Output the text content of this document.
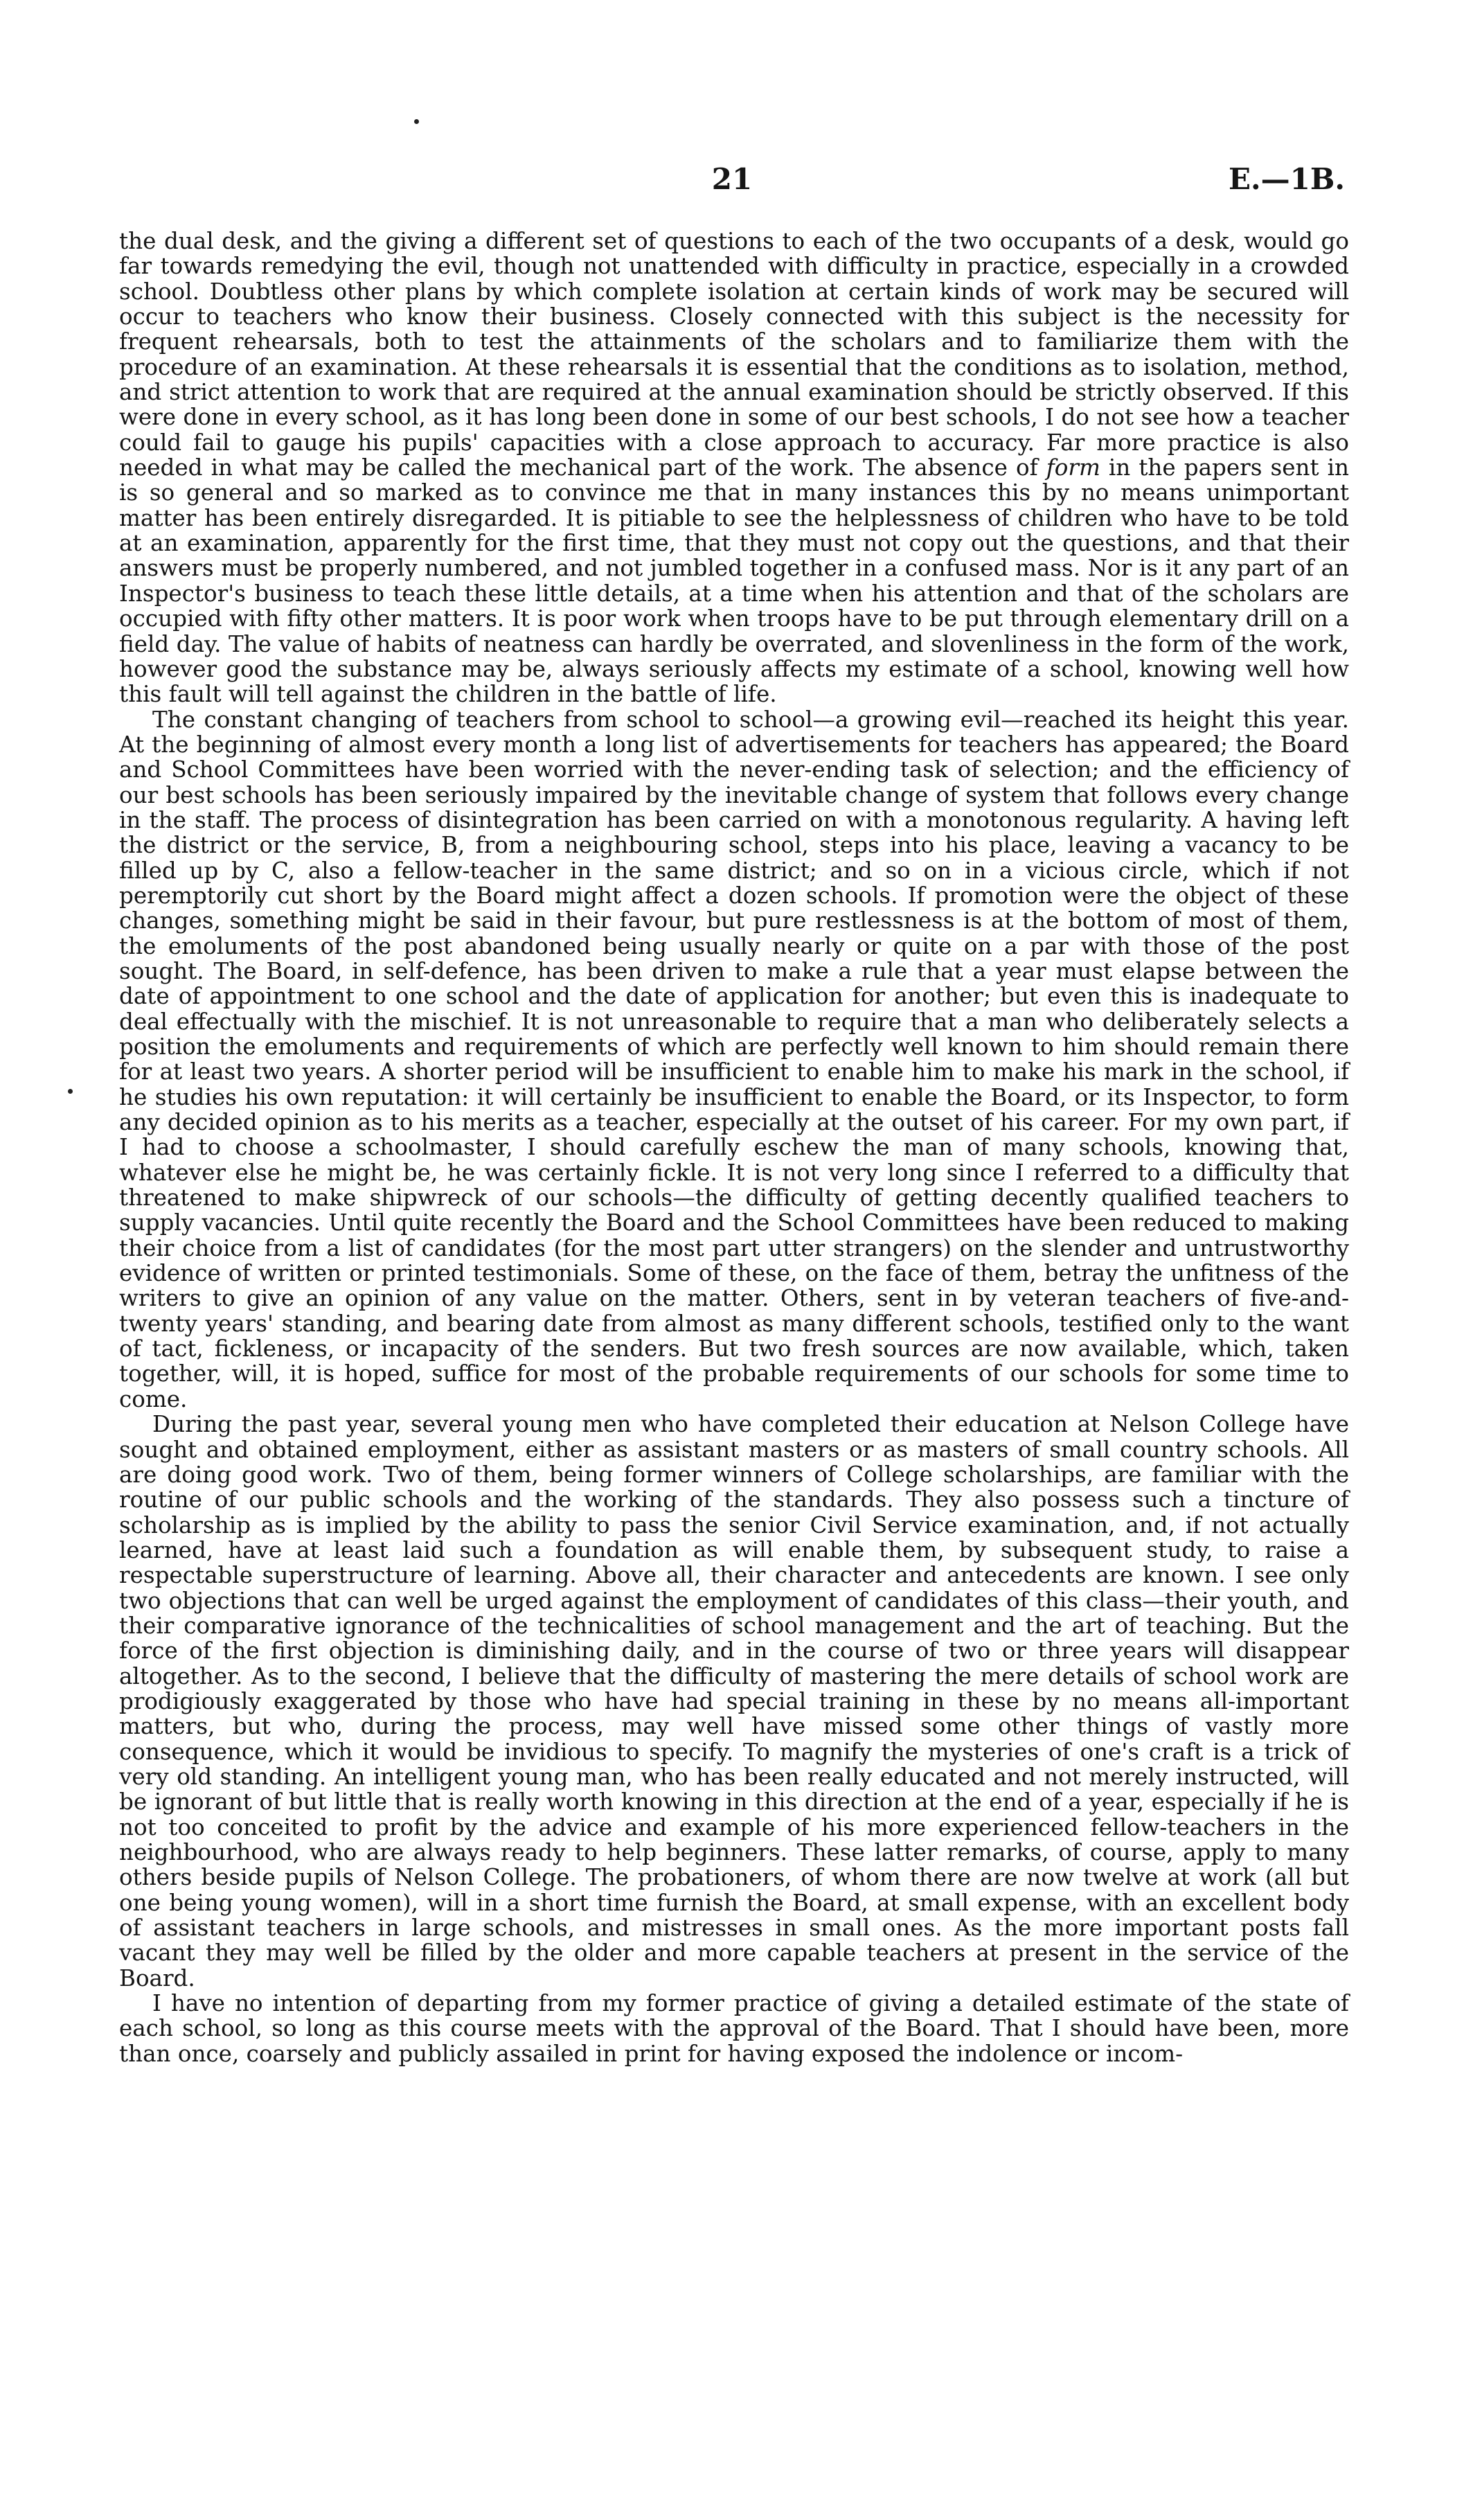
21	E.—1B.

the dual desk, and the giving a different set of questions to each of the two occupants of a desk, would go far towards remedying the evil, though not unattended with difficulty in practice, especially in a crowded school. Doubtless other plans by which complete isolation at certain kinds of work may be secured will occur to teachers who know their business. Closely connected with this subject is the necessity for frequent rehearsals, both to test the attainments of the scholars and to familiarize them with the procedure of an examination. At these rehearsals it is essential that the conditions as to isolation, method, and strict attention to work that are required at the annual examination should be strictly observed. If this were done in every school, as it has long been done in some of our best schools, I do not see how a teacher could fail to gauge his pupils' capacities with a close approach to accuracy. Far more practice is also needed in what may be called the mechanical part of the work. The absence of form in the papers sent in is so general and so marked as to convince me that in many instances this by no means unimportant matter has been entirely disregarded. It is pitiable to see the helplessness of children who have to be told at an examination, apparently for the first time, that they must not copy out the questions, and that their answers must be properly numbered, and not jumbled together in a confused mass. Nor is it any part of an Inspector's business to teach these little details, at a time when his attention and that of the scholars are occupied with fifty other matters. It is poor work when troops have to be put through elementary drill on a field day. The value of habits of neatness can hardly be overrated, and slovenliness in the form of the work, however good the substance may be, always seriously affects my estimate of a school, knowing well how this fault will tell against the children in the battle of life.

The constant changing of teachers from school to school—a growing evil—reached its height this year. At the beginning of almost every month a long list of advertisements for teachers has appeared; the Board and School Committees have been worried with the never-ending task of selection; and the efficiency of our best schools has been seriously impaired by the inevitable change of system that follows every change in the staff. The process of disintegration has been carried on with a monotonous regularity. A having left the district or the service, B, from a neighbouring school, steps into his place, leaving a vacancy to be filled up by C, also a fellow-teacher in the same district; and so on in a vicious circle, which if not peremptorily cut short by the Board might affect a dozen schools. If promotion were the object of these changes, something might be said in their favour, but pure restlessness is at the bottom of most of them, the emoluments of the post abandoned being usually nearly or quite on a par with those of the post sought. The Board, in self-defence, has been driven to make a rule that a year must elapse between the date of appointment to one school and the date of application for another; but even this is inadequate to deal effectually with the mischief. It is not unreasonable to require that a man who deliberately selects a position the emoluments and requirements of which are perfectly well known to him should remain there for at least two years. A shorter period will be insufficient to enable him to make his mark in the school, if he studies his own reputation: it will certainly be insufficient to enable the Board, or its Inspector, to form any decided opinion as to his merits as a teacher, especially at the outset of his career. For my own part, if I had to choose a schoolmaster, I should carefully eschew the man of many schools, knowing that, whatever else he might be, he was certainly fickle. It is not very long since I referred to a difficulty that threatened to make shipwreck of our schools—the difficulty of getting decently qualified teachers to supply vacancies. Until quite recently the Board and the School Committees have been reduced to making their choice from a list of candidates (for the most part utter strangers) on the slender and untrustworthy evidence of written or printed testimonials. Some of these, on the face of them, betray the unfitness of the writers to give an opinion of any value on the matter. Others, sent in by veteran teachers of five-and-twenty years' standing, and bearing date from almost as many different schools, testified only to the want of tact, fickleness, or incapacity of the senders. But two fresh sources are now available, which, taken together, will, it is hoped, suffice for most of the probable requirements of our schools for some time to come.

During the past year, several young men who have completed their education at Nelson College have sought and obtained employment, either as assistant masters or as masters of small country schools. All are doing good work. Two of them, being former winners of College scholarships, are familiar with the routine of our public schools and the working of the standards. They also possess such a tincture of scholarship as is implied by the ability to pass the senior Civil Service examination, and, if not actually learned, have at least laid such a foundation as will enable them, by subsequent study, to raise a respectable superstructure of learning. Above all, their character and antecedents are known. I see only two objections that can well be urged against the employment of candidates of this class—their youth, and their comparative ignorance of the technicalities of school management and the art of teaching. But the force of the first objection is diminishing daily, and in the course of two or three years will disappear altogether. As to the second, I believe that the difficulty of mastering the mere details of school work are prodigiously exaggerated by those who have had special training in these by no means all-important matters, but who, during the process, may well have missed some other things of vastly more consequence, which it would be invidious to specify. To magnify the mysteries of one's craft is a trick of very old standing. An intelligent young man, who has been really educated and not merely instructed, will be ignorant of but little that is really worth knowing in this direction at the end of a year, especially if he is not too conceited to profit by the advice and example of his more experienced fellow-teachers in the neighbourhood, who are always ready to help beginners. These latter remarks, of course, apply to many others beside pupils of Nelson College. The probationers, of whom there are now twelve at work (all but one being young women), will in a short time furnish the Board, at small expense, with an excellent body of assistant teachers in large schools, and mistresses in small ones. As the more important posts fall vacant they may well be filled by the older and more capable teachers at present in the service of the Board.

I have no intention of departing from my former practice of giving a detailed estimate of the state of each school, so long as this course meets with the approval of the Board. That I should have been, more than once, coarsely and publicly assailed in print for having exposed the indolence or incom-
